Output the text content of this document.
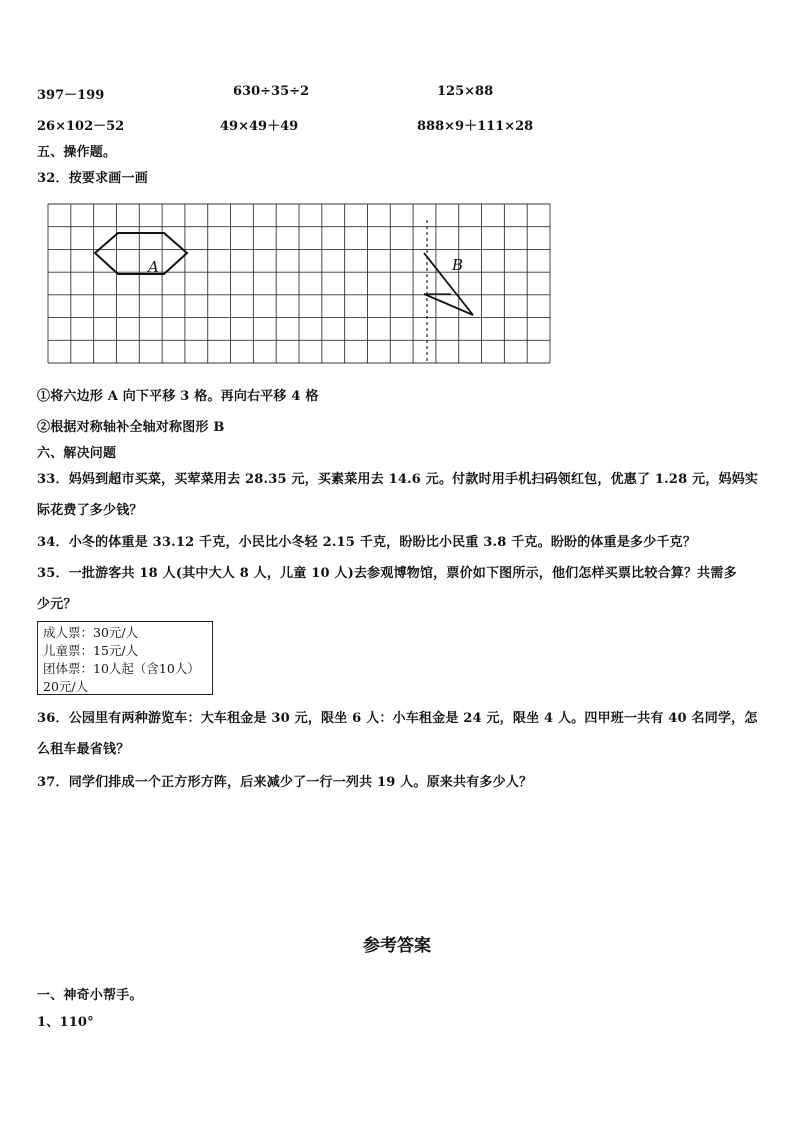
397－199	630÷35÷2	125×88
26×102－52	49×49＋49	888×9＋111×28
五、操作题。
32．按要求画一画
A	B
①将六边形 A 向下平移 3 格。再向右平移 4 格
②根据对称轴补全轴对称图形 B
六、解决问题
33．妈妈到超市买菜，买荤菜用去 28.35 元，买素菜用去 14.6 元。付款时用手机扫码领红包，优惠了 1.28 元，妈妈实
际花费了多少钱？
34．小冬的体重是 33.12 千克，小民比小冬轻 2.15 千克，盼盼比小民重 3.8 千克。盼盼的体重是多少千克？
35．一批游客共 18 人(其中大人 8 人，儿童 10 人)去参观博物馆，票价如下图所示，他们怎样买票比较合算？共需多
少元？
成人票：30元/人
儿童票：15元/人
团体票：10人起（含10人）
20元/人
36．公园里有两种游览车：大车租金是 30 元，限坐 6 人：小车租金是 24 元，限坐 4 人。四甲班一共有 40 名同学，怎
么租车最省钱？
37．同学们排成一个正方形方阵，后来减少了一行一列共 19 人。原来共有多少人？
参考答案
一、神奇小帮手。
1、110°
